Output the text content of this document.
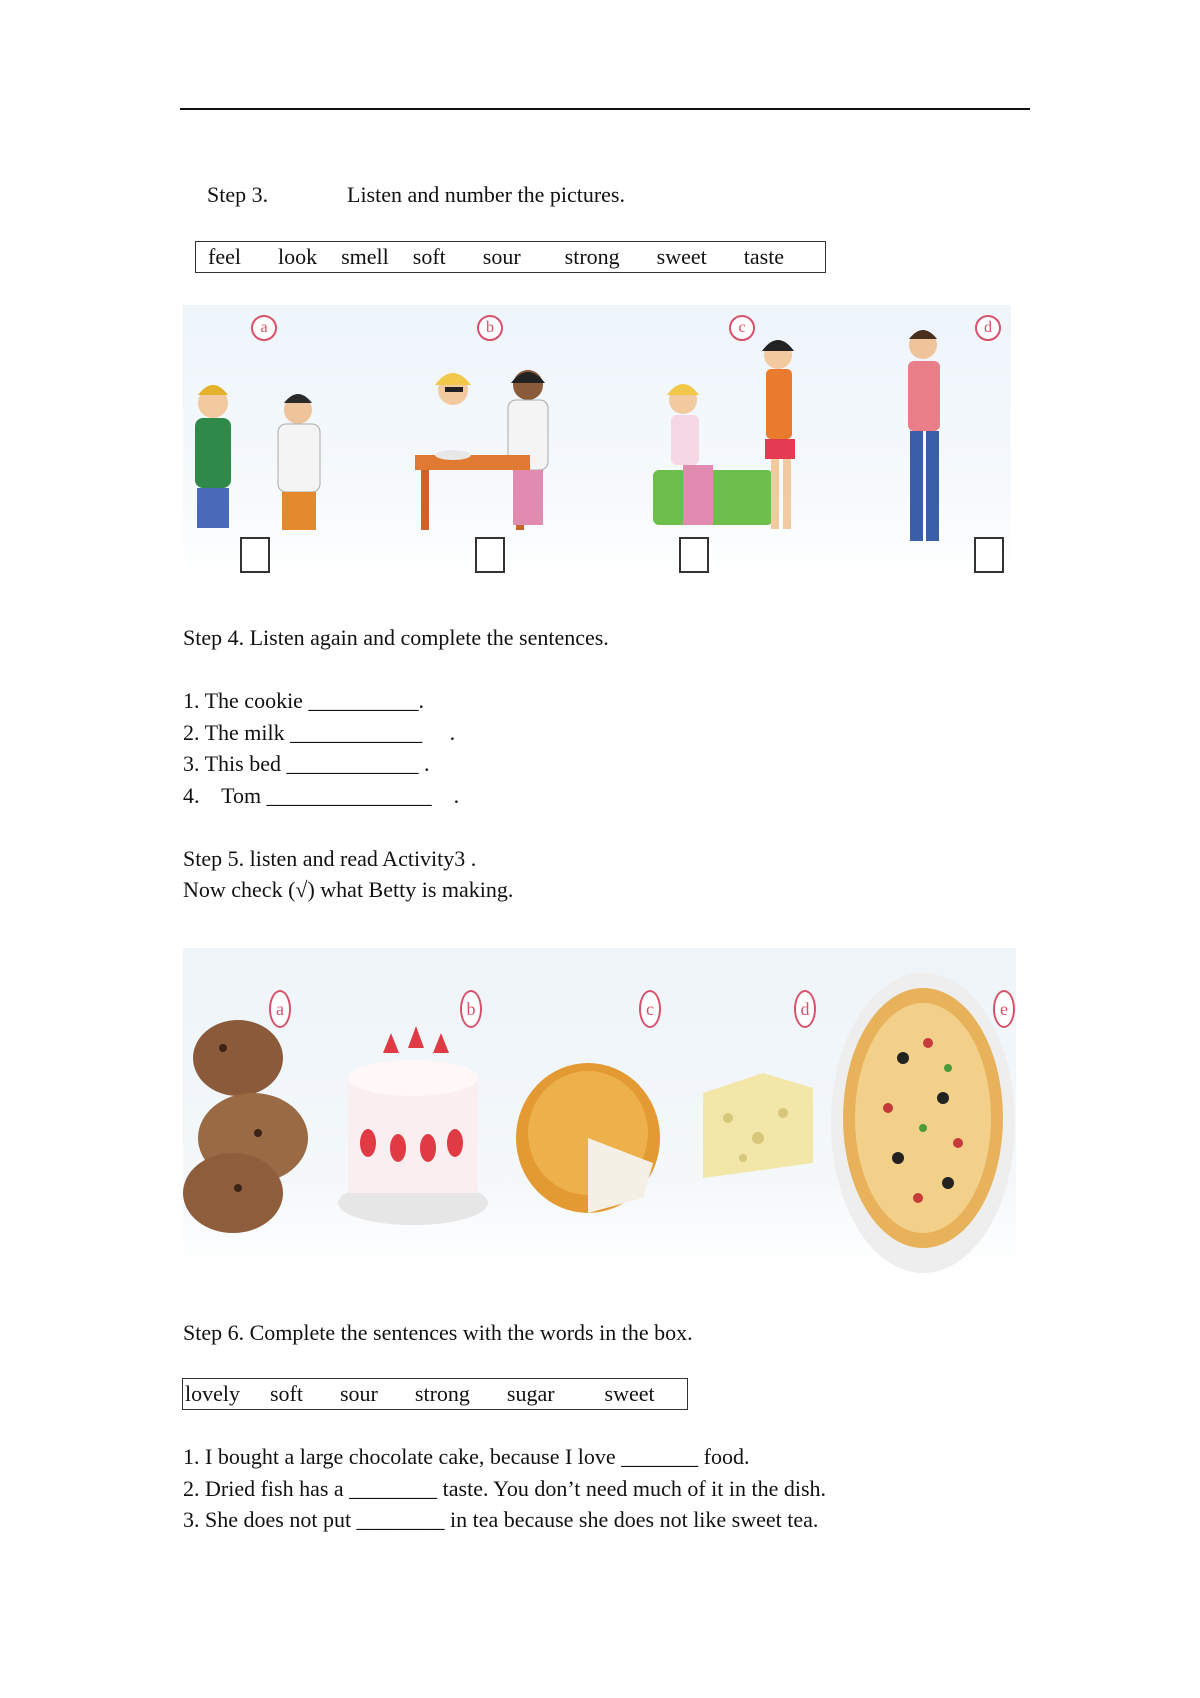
Step 3.	Listen and number the pictures.
feel look smell soft sour strong sweet taste
a	b	c	d
Step 4. Listen again and complete the sentences.
1. The cookie __________.
2. The milk ____________     .
3. This bed ____________ .
4.    Tom _______________    .
Step 5. listen and read Activity3 .
Now check (√) what Betty is making.
a	b	c	d	e
Step 6. Complete the sentences with the words in the box.
lovely soft sour strong sugar sweet
1. I bought a large chocolate cake, because I love _______ food.
2. Dried fish has a ________ taste. You don’t need much of it in the dish.
3. She does not put ________ in tea because she does not like sweet tea.
